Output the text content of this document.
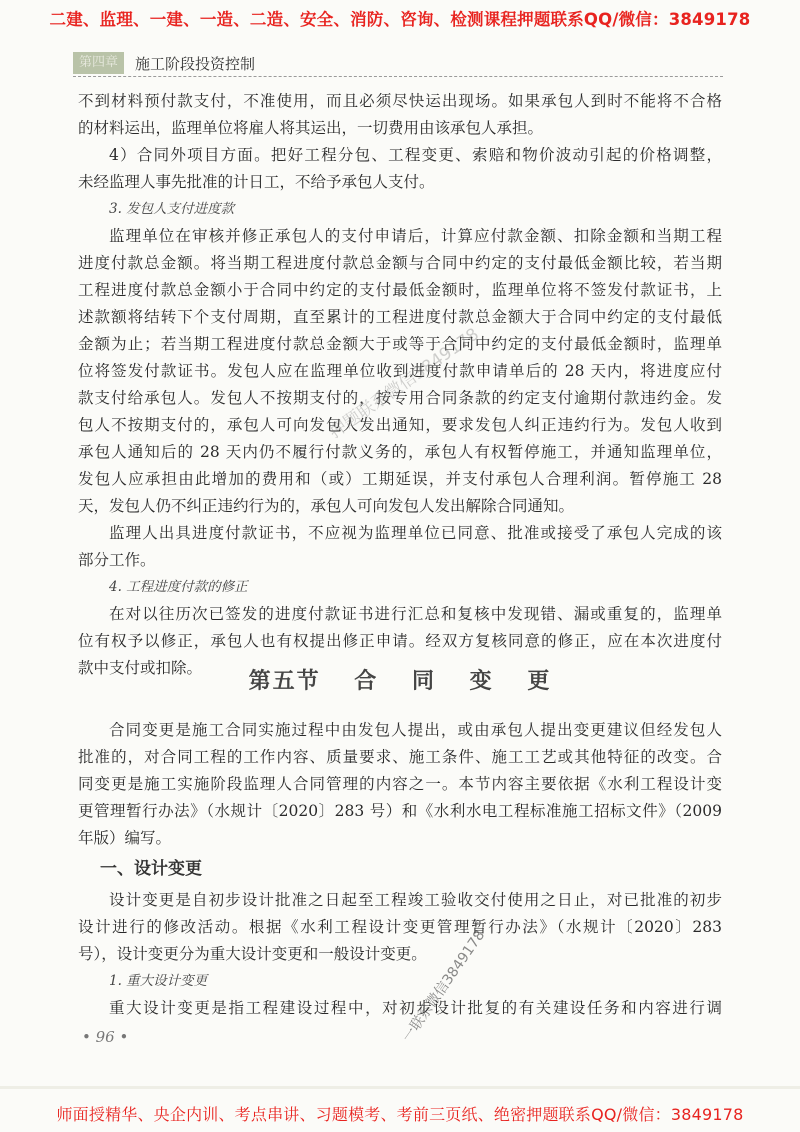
二建、监理、一建、一造、二造、安全、消防、咨询、检测课程押题联系QQ/微信：3849178
第四章	施工阶段投资控制
不到材料预付款支付，不准使用，而且必须尽快运出现场。如果承包人到时不能将不合格
的材料运出，监理单位将雇人将其运出，一切费用由该承包人承担。
4）合同外项目方面。把好工程分包、工程变更、索赔和物价波动引起的价格调整，
未经监理人事先批准的计日工，不给予承包人支付。
3. 发包人支付进度款
监理单位在审核并修正承包人的支付申请后，计算应付款金额、扣除金额和当期工程
进度付款总金额。将当期工程进度付款总金额与合同中约定的支付最低金额比较，若当期
工程进度付款总金额小于合同中约定的支付最低金额时，监理单位将不签发付款证书，上
述款额将结转下个支付周期，直至累计的工程进度付款总金额大于合同中约定的支付最低
金额为止；若当期工程进度付款总金额大于或等于合同中约定的支付最低金额时，监理单
位将签发付款证书。发包人应在监理单位收到进度付款申请单后的 28 天内，将进度应付
款支付给承包人。发包人不按期支付的，按专用合同条款的约定支付逾期付款违约金。发
包人不按期支付的，承包人可向发包人发出通知，要求发包人纠正违约行为。发包人收到
承包人通知后的 28 天内仍不履行付款义务的，承包人有权暂停施工，并通知监理单位，
发包人应承担由此增加的费用和（或）工期延误，并支付承包人合理利润。暂停施工 28
天，发包人仍不纠正违约行为的，承包人可向发包人发出解除合同通知。
监理人出具进度付款证书，不应视为监理单位已同意、批准或接受了承包人完成的该
部分工作。
4. 工程进度付款的修正
在对以往历次已签发的进度付款证书进行汇总和复核中发现错、漏或重复的，监理单
位有权予以修正，承包人也有权提出修正申请。经双方复核同意的修正，应在本次进度付
款中支付或扣除。	第五节 合 同 变 更
合同变更是施工合同实施过程中由发包人提出，或由承包人提出变更建议但经发包人
批准的，对合同工程的工作内容、质量要求、施工条件、施工工艺或其他特征的改变。合
同变更是施工实施阶段监理人合同管理的内容之一。本节内容主要依据《水利工程设计变
更管理暂行办法》（水规计〔2020〕283 号）和《水利水电工程标准施工招标文件》（2009
年版）编写。
一、设计变更
设计变更是自初步设计批准之日起至工程竣工验收交付使用之日止，对已批准的初步
设计进行的修改活动。根据《水利工程设计变更管理暂行办法》（水规计〔2020〕283
号），设计变更分为重大设计变更和一般设计变更。
1. 重大设计变更
重大设计变更是指工程建设过程中，对初步设计批复的有关建设任务和内容进行调
• 96 •
押题联系微信3849178
一联系微信3849178
师面授精华、央企内训、考点串讲、习题模考、考前三页纸、绝密押题联系QQ/微信：3849178
